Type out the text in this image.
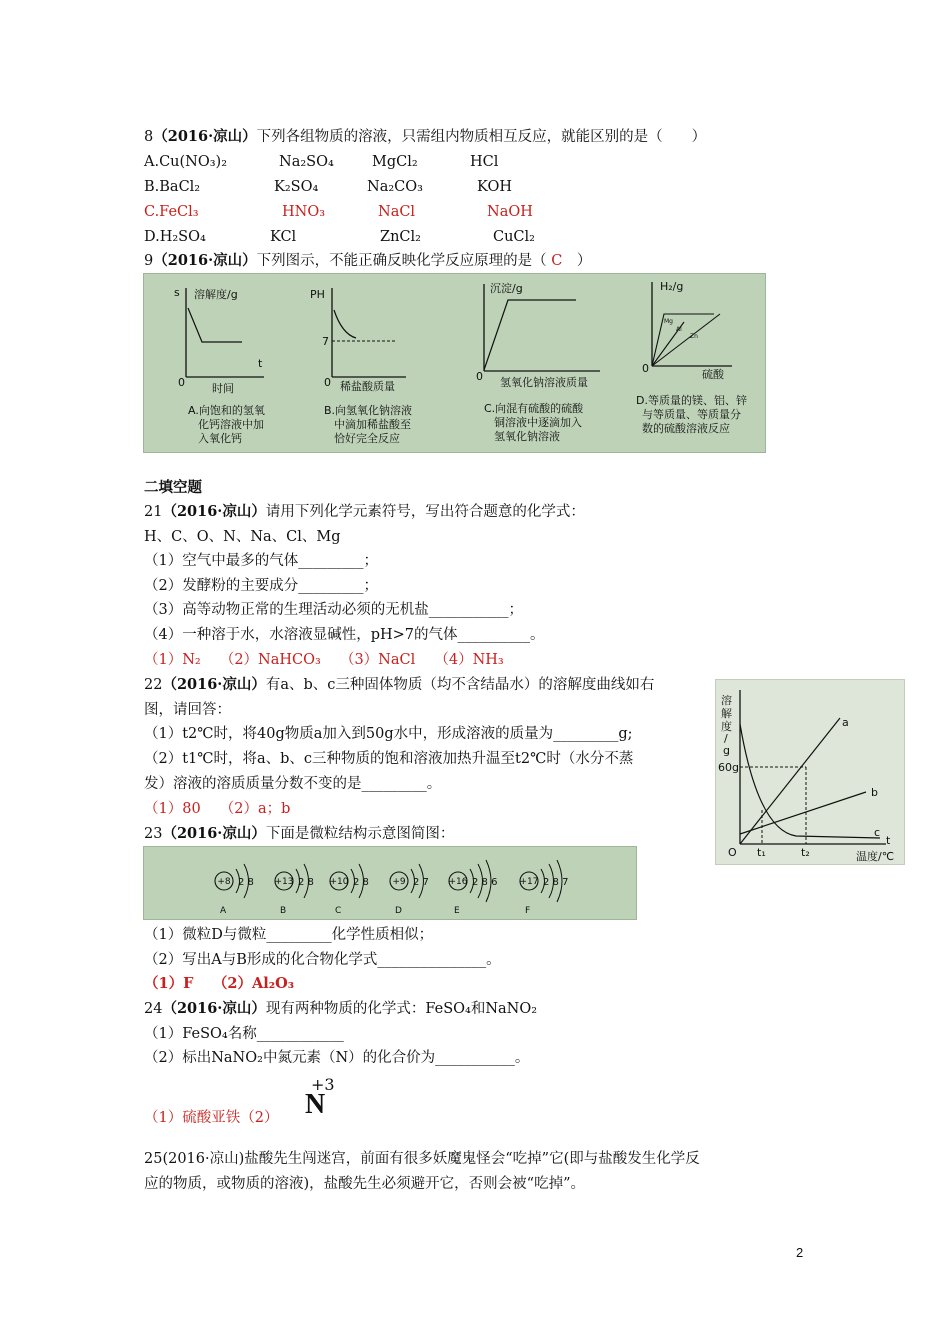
8（2016·凉山）下列各组物质的溶液，只需组内物质相互反应，就能区别的是（　　）
A.Cu(NO₃)₂	Na₂SO₄	MgCl₂	HCl
B.BaCl₂	K₂SO₄	Na₂CO₃	KOH
C.FeCl₃	HNO₃	NaCl	NaOH
D.H₂SO₄	KCl	ZnCl₂	CuCl₂
9（2016·凉山）下列图示，不能正确反映化学反应原理的是（ C　）
s 溶解度/g
t
0 时间
A.向饱和的氢氧
化钙溶液中加
入氧化钙
PH
7
0 稀盐酸质量
B.向氢氧化钠溶液
中滴加稀盐酸至
恰好完全反应
沉淀/g
0 氢氧化钠溶液质量
C.向混有硫酸的硫酸
铜溶液中逐滴加入
氢氧化钠溶液
H₂/g
0	硫酸
Mg
Al
Zn
D.等质量的镁、铝、锌
与等质量、等质量分
数的硫酸溶液反应
二填空题
21（2016·凉山）请用下列化学元素符号，写出符合题意的化学式：
H、C、O、N、Na、Cl、Mg
（1）空气中最多的气体_________；
（2）发酵粉的主要成分_________；
（3）高等动物正常的生理活动必须的无机盐___________；
（4）一种溶于水，水溶液显碱性，pH>7的气体__________。
（1）N₂　 （2）NaHCO₃　 （3）NaCl　 （4）NH₃
22（2016·凉山）有a、b、c三种固体物质（均不含结晶水）的溶解度曲线如右
图，请回答：
（1）t2℃时，将40g物质a加入到50g水中，形成溶液的质量为_________g;
（2）t1℃时，将a、b、c三种物质的饱和溶液加热升温至t2℃时（水分不蒸
发）溶液的溶质质量分数不变的是_________。
（1）80　 （2）a；b
溶
解
度
/
g
60g
O t₁	t₂
t
温度/℃
a
b
c
23（2016·凉山）下面是微粒结构示意图简图：
+8 2 8
A
+13 2 8
B
+10 2 8
C
+9 2 7
D
+16 2 8 6
E
+17 2 8 7
F
（1）微粒D与微粒_________化学性质相似；
（2）写出A与B形成的化合物化学式_______________。
（1）F　 （2）Al₂O₃
24（2016·凉山）现有两种物质的化学式：FeSO₄和NaNO₂
（1）FeSO₄名称____________
（2）标出NaNO₂中氮元素（N）的化合价为___________。
（1）硫酸亚铁（2）
+3
N
25(2016·凉山)盐酸先生闯迷宫，前面有很多妖魔鬼怪会“吃掉”它(即与盐酸发生化学反
应的物质，或物质的溶液)，盐酸先生必须避开它，否则会被“吃掉”。
2
